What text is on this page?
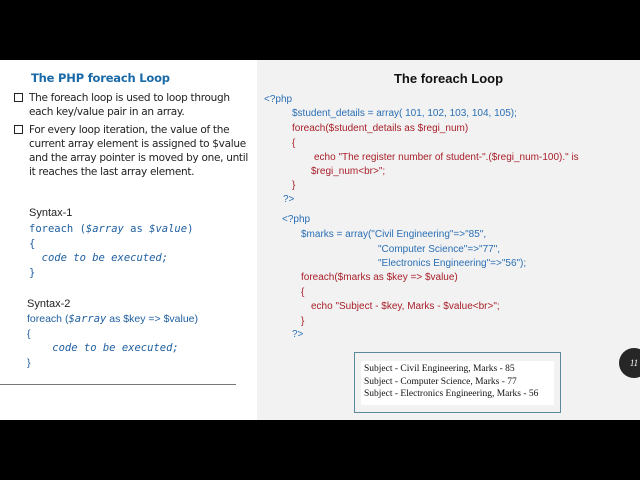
The PHP foreach Loop
The foreach loop is used to loop through each key/value pair in an array.
For every loop iteration, the value of the current array element is assigned to $value and the array pointer is moved by one, until it reaches the last array element.
Syntax-1
foreach ($array as $value)
{
code to be executed;
}
Syntax-2
foreach ($array as $key => $value)
{
code to be executed;
}
The foreach Loop
<?php
$student_details = array( 101, 102, 103, 104, 105);
foreach($student_details as $regi_num)
{
echo "The register number of student-".($regi_num-100)." is
$regi_num<br>";
}
?>
<?php
$marks = array("Civil Engineering"=>"85",
"Computer Science"=>"77",
"Electronics Engineering"=>"56");
foreach($marks as $key => $value)
{
echo "Subject - $key, Marks - $value<br>";
}
?>
Subject - Civil Engineering, Marks - 85
Subject - Computer Science, Marks - 77
Subject - Electronics Engineering, Marks - 56
11
